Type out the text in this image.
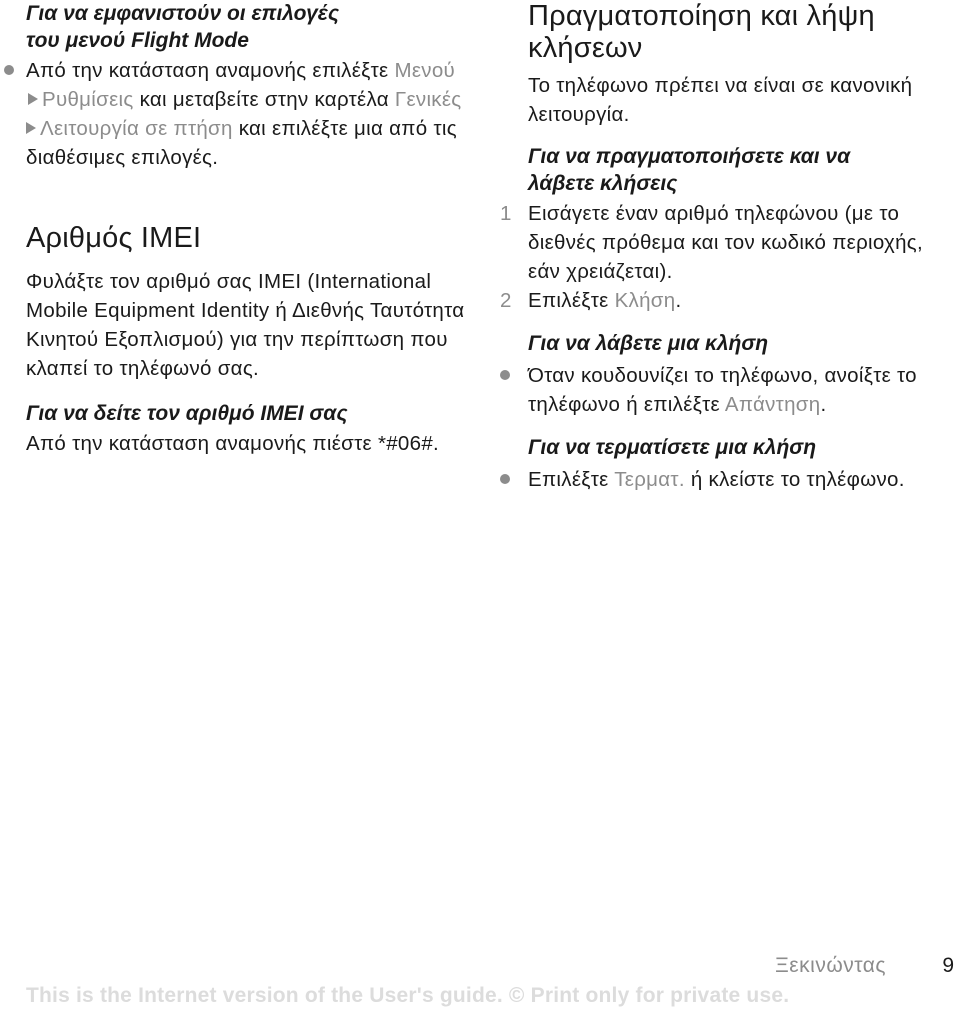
Για να εμφανιστούν οι επιλογές
του μενού Flight Mode

Από την κατάσταση αναμονής επιλέξτε ΜενούΡυθμίσεις και μεταβείτε στην καρτέλα Γενικές
Λειτουργία σε πτήση και επιλέξτε μια από τις διαθέσιμες επιλογές.
Αριθμός IMEI

Φυλάξτε τον αριθμό σας IMEI (International Mobile Equipment Identity ή Διεθνής Ταυτότητα Κινητού Εξοπλισμού) για την περίπτωση που κλαπεί το τηλέφωνό σας.

Για να δείτε τον αριθμό IMEI σας

Από την κατάσταση αναμονής πιέστε *#06#.

Πραγματοποίηση και λήψη
κλήσεων

Το τηλέφωνο πρέπει να είναι σε κανονική λειτουργία.

Για να πραγματοποιήσετε και να
λάβετε κλήσεις

1 Εισάγετε έναν αριθμό τηλεφώνου (με το διεθνές πρόθεμα και τον κωδικό περιοχής, εάν χρειάζεται).
2 Επιλέξτε Κλήση.

Για να λάβετε μια κλήση

Όταν κουδουνίζει το τηλέφωνο, ανοίξτε το τηλέφωνο ή επιλέξτε Απάντηση.

Για να τερματίσετε μια κλήση

Επιλέξτε Τερματ. ή κλείστε το τηλέφωνο.
Ξεκινώντας	9
This is the Internet version of the User's guide. © Print only for private use.
